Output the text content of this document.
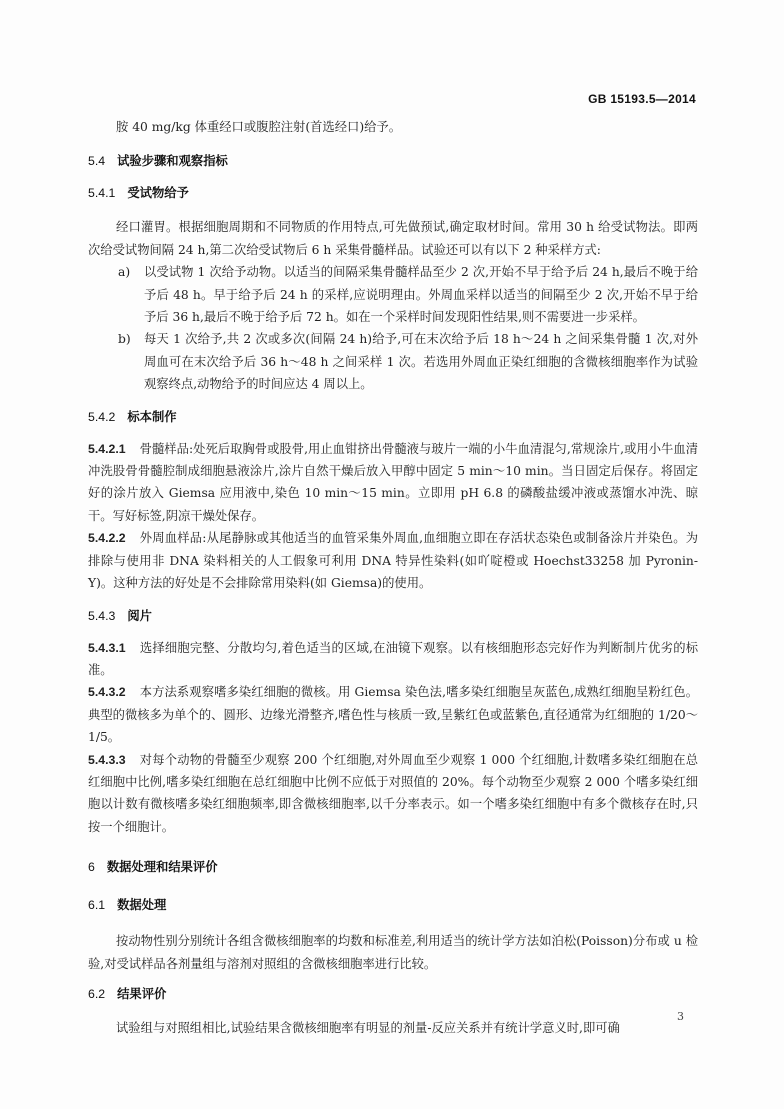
GB 15193.5—2014

胺 40 mg/kg 体重经口或腹腔注射(首选经口)给予。

5.4 试验步骤和观察指标
5.4.1 受试物给予

经口灌胃。根据细胞周期和不同物质的作用特点,可先做预试,确定取材时间。常用 30 h 给受试物法。即两次给受试物间隔 24 h,第二次给受试物后 6 h 采集骨髓样品。试验还可以有以下 2 种采样方式:

a)	以受试物 1 次给予动物。以适当的间隔采集骨髓样品至少 2 次,开始不早于给予后 24 h,最后不晚于给予后 48 h。早于给予后 24 h 的采样,应说明理由。外周血采样以适当的间隔至少 2 次,开始不早于给予后 36 h,最后不晚于给予后 72 h。如在一个采样时间发现阳性结果,则不需要进一步采样。
b)	每天 1 次给予,共 2 次或多次(间隔 24 h)给予,可在末次给予后 18 h～24 h 之间采集骨髓 1 次,对外周血可在末次给予后 36 h～48 h 之间采样 1 次。若选用外周血正染红细胞的含微核细胞率作为试验观察终点,动物给予的时间应达 4 周以上。
5.4.2 标本制作

5.4.2.1 骨髓样品:处死后取胸骨或股骨,用止血钳挤出骨髓液与玻片一端的小牛血清混匀,常规涂片,或用小牛血清冲洗股骨骨髓腔制成细胞悬液涂片,涂片自然干燥后放入甲醇中固定 5 min～10 min。当日固定后保存。将固定好的涂片放入 Giemsa 应用液中,染色 10 min～15 min。立即用 pH 6.8 的磷酸盐缓冲液或蒸馏水冲洗、晾干。写好标签,阴凉干燥处保存。

5.4.2.2 外周血样品:从尾静脉或其他适当的血管采集外周血,血细胞立即在存活状态染色或制备涂片并染色。为排除与使用非 DNA 染料相关的人工假象可利用 DNA 特异性染料(如吖啶橙或 Hoechst33258 加 Pyronin-Y)。这种方法的好处是不会排除常用染料(如 Giemsa)的使用。

5.4.3 阅片

5.4.3.1 选择细胞完整、分散均匀,着色适当的区域,在油镜下观察。以有核细胞形态完好作为判断制片优劣的标准。

5.4.3.2 本方法系观察嗜多染红细胞的微核。用 Giemsa 染色法,嗜多染红细胞呈灰蓝色,成熟红细胞呈粉红色。典型的微核多为单个的、圆形、边缘光滑整齐,嗜色性与核质一致,呈紫红色或蓝紫色,直径通常为红细胞的 1/20～1/5。

5.4.3.3 对每个动物的骨髓至少观察 200 个红细胞,对外周血至少观察 1 000 个红细胞,计数嗜多染红细胞在总红细胞中比例,嗜多染红细胞在总红细胞中比例不应低于对照值的 20%。每个动物至少观察 2 000 个嗜多染红细胞以计数有微核嗜多染红细胞频率,即含微核细胞率,以千分率表示。如一个嗜多染红细胞中有多个微核存在时,只按一个细胞计。

6 数据处理和结果评价
6.1 数据处理

按动物性别分别统计各组含微核细胞率的均数和标准差,利用适当的统计学方法如泊松(Poisson)分布或 u 检验,对受试样品各剂量组与溶剂对照组的含微核细胞率进行比较。

6.2 结果评价

试验组与对照组相比,试验结果含微核细胞率有明显的剂量-反应关系并有统计学意义时,即可确

3
